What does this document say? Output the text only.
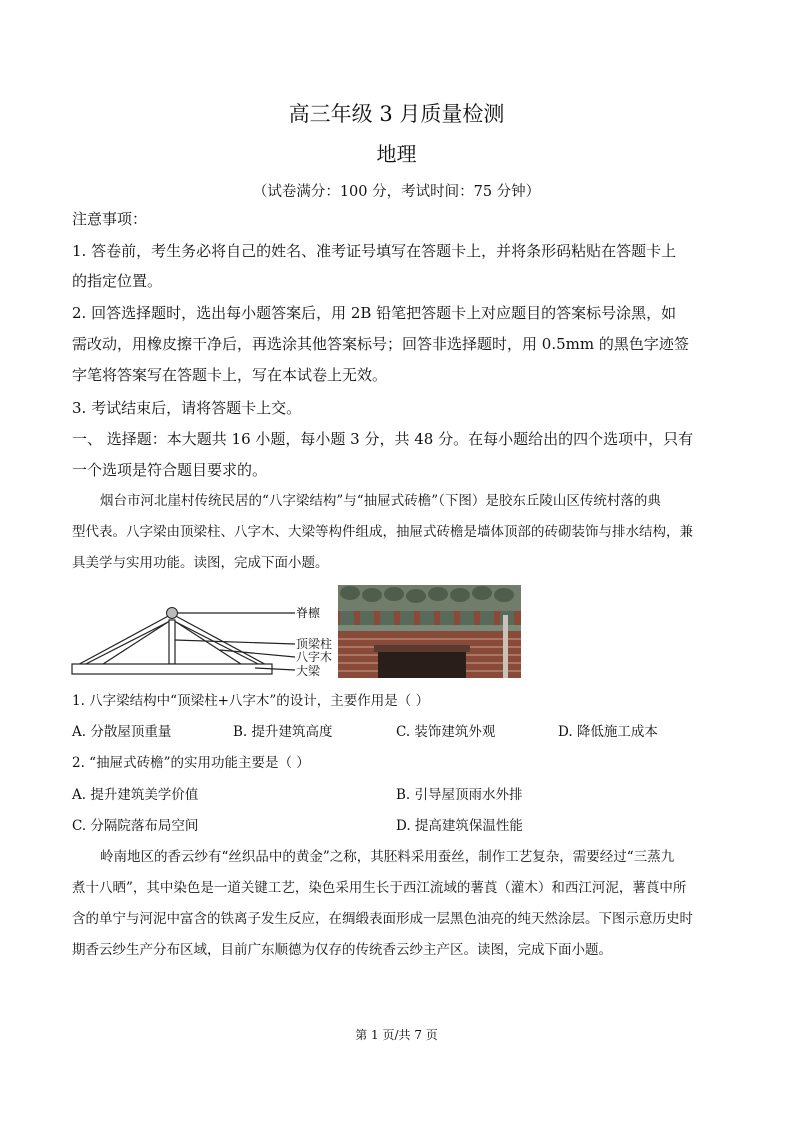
高三年级 3 月质量检测
地理
（试卷满分：100 分，考试时间：75 分钟）
注意事项：
1. 答卷前，考生务必将自己的姓名、准考证号填写在答题卡上，并将条形码粘贴在答题卡上
的指定位置。
2. 回答选择题时，选出每小题答案后，用 2B 铅笔把答题卡上对应题目的答案标号涂黑，如
需改动，用橡皮擦干净后，再选涂其他答案标号；回答非选择题时，用 0.5mm 的黑色字迹签
字笔将答案写在答题卡上，写在本试卷上无效。
3. 考试结束后，请将答题卡上交。
一、 选择题：本大题共 16 小题，每小题 3 分，共 48 分。在每小题给出的四个选项中，只有
一个选项是符合题目要求的。
烟台市河北崖村传统民居的“八字梁结构”与“抽屉式砖檐”（下图）是胶东丘陵山区传统村落的典
型代表。八字梁由顶梁柱、八字木、大梁等构件组成，抽屉式砖檐是墙体顶部的砖砌装饰与排水结构，兼
具美学与实用功能。读图，完成下面小题。
脊檩
顶梁柱
八字木
大梁
1. 八字梁结构中“顶梁柱+八字木”的设计，主要作用是（ ）
A. 分散屋顶重量	B. 提升建筑高度	C. 装饰建筑外观	D. 降低施工成本
2. “抽屉式砖檐”的实用功能主要是（ ）
A. 提升建筑美学价值	B. 引导屋顶雨水外排
C. 分隔院落布局空间	D. 提高建筑保温性能
岭南地区的香云纱有“丝织品中的黄金”之称，其胚料采用蚕丝，制作工艺复杂，需要经过“三蒸九
煮十八晒”，其中染色是一道关键工艺，染色采用生长于西江流域的薯莨（灌木）和西江河泥，薯莨中所
含的单宁与河泥中富含的铁离子发生反应，在绸缎表面形成一层黑色油亮的纯天然涂层。下图示意历史时
期香云纱生产分布区域，目前广东顺德为仅存的传统香云纱主产区。读图，完成下面小题。
第 1 页/共 7 页
